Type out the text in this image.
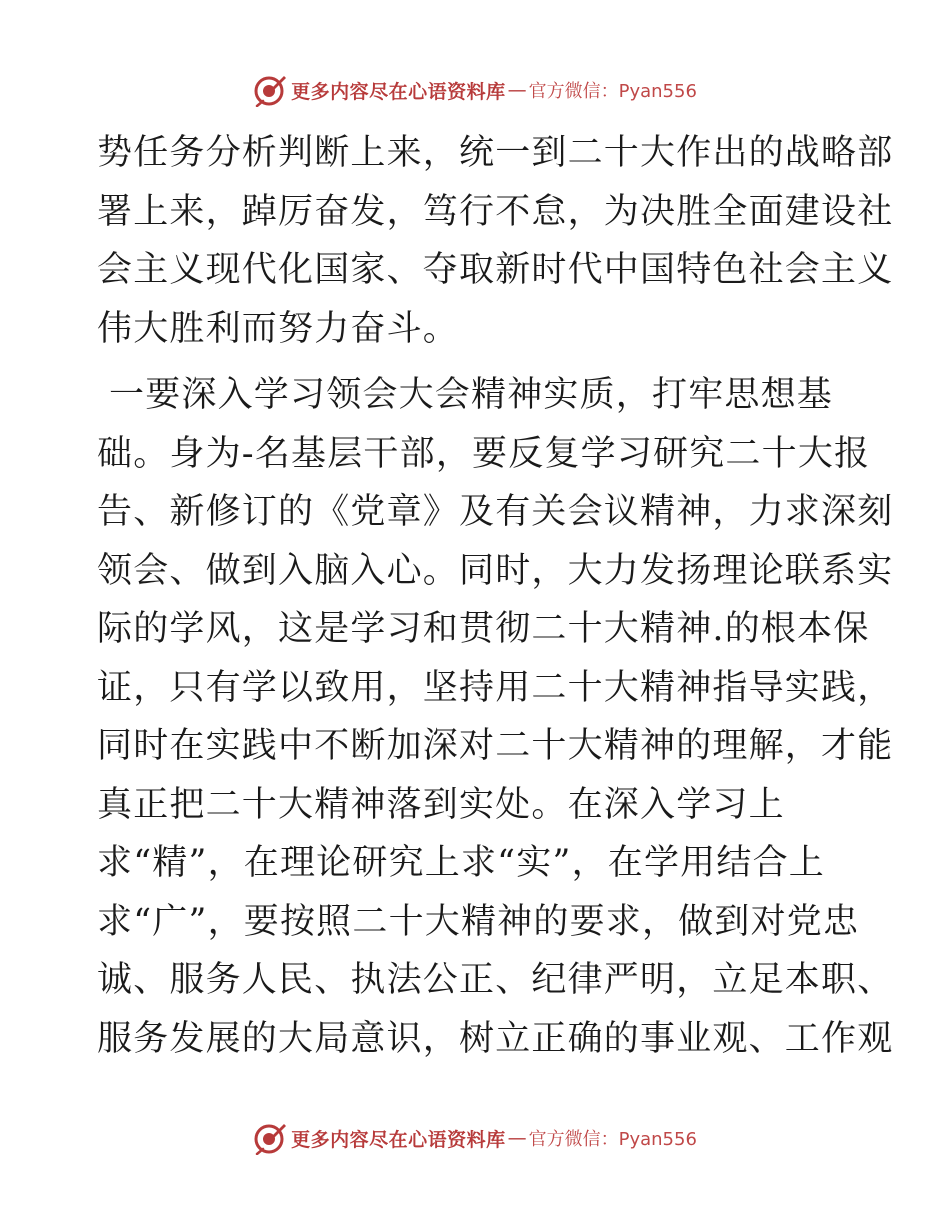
更多内容尽在心语资料库 — 官方微信：Pyan556
势任务分析判断上来，统一到二十大作出的战略部
署上来，踔厉奋发，笃行不怠，为决胜全面建设社
会主义现代化国家、夺取新时代中国特色社会主义
伟大胜利而努力奋斗。
一要深入学习领会大会精神实质，打牢思想基
础。身为-名基层干部，要反复学习研究二十大报
告、新修订的《党章》及有关会议精神，力求深刻
领会、做到入脑入心。同时，大力发扬理论联系实
际的学风，这是学习和贯彻二十大精神.的根本保
证，只有学以致用，坚持用二十大精神指导实践，
同时在实践中不断加深对二十大精神的理解，才能
真正把二十大精神落到实处。在深入学习上
求“精”，在理论研究上求“实”，在学用结合上
求“广”，要按照二十大精神的要求，做到对党忠
诚、服务人民、执法公正、纪律严明，立足本职、
服务发展的大局意识，树立正确的事业观、工作观
更多内容尽在心语资料库 — 官方微信：Pyan556
